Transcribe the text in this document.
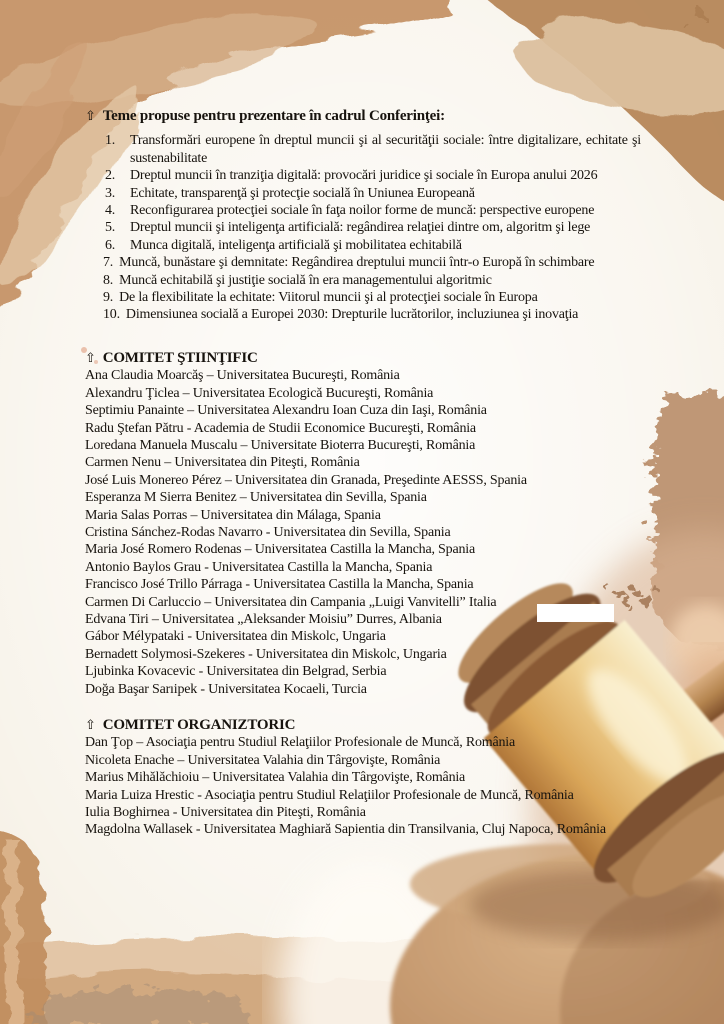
⇧ Teme propuse pentru prezentare în cadrul Conferinţei:

1. Transformări europene în dreptul muncii şi al securităţii sociale: între digitalizare, echitate şi sustenabilitate

2. Dreptul muncii în tranziţia digitală: provocări juridice şi sociale în Europa anului 2026

3. Echitate, transparenţă şi protecţie socială în Uniunea Europeană

4. Reconfigurarea protecţiei sociale în faţa noilor forme de muncă: perspective europene

5. Dreptul muncii şi inteligenţa artificială: regândirea relaţiei dintre om, algoritm şi lege

6. Munca digitală, inteligenţa artificială şi mobilitatea echitabilă

7. Muncă, bunăstare şi demnitate: Regândirea dreptului muncii într-o Europă în schimbare

8. Muncă echitabilă şi justiţie socială în era managementului algoritmic

9. De la flexibilitate la echitate: Viitorul muncii şi al protecţiei sociale în Europa

10. Dimensiunea socială a Europei 2030: Drepturile lucrătorilor, incluziunea şi inovaţia

⇧ COMITET ŞTIINŢIFIC

Ana Claudia Moarcăş – Universitatea Bucureşti, România

Alexandru Ţiclea – Universitatea Ecologică Bucureşti, România

Septimiu Panainte – Universitatea Alexandru Ioan Cuza din Iaşi, România

Radu Ştefan Pătru - Academia de Studii Economice Bucureşti, România

Loredana Manuela Muscalu – Universitate Bioterra Bucureşti, România

Carmen Nenu – Universitatea din Piteşti, România

José Luis Monereo Pérez – Universitatea din Granada, Preşedinte AESSS, Spania

Esperanza M Sierra Benitez – Universitatea din Sevilla, Spania

Maria Salas Porras – Universitatea din Málaga, Spania

Cristina Sánchez-Rodas Navarro - Universitatea din Sevilla, Spania

Maria José Romero Rodenas – Universitatea Castilla la Mancha, Spania

Antonio Baylos Grau - Universitatea Castilla la Mancha, Spania

Francisco José Trillo Párraga - Universitatea Castilla la Mancha, Spania

Carmen Di Carluccio – Universitatea din Campania „Luigi Vanvitelli” Italia

Edvana Tiri – Universitatea „Aleksander Moisiu” Durres, Albania

Gábor Mélypataki - Universitatea din Miskolc, Ungaria

Bernadett Solymosi-Szekeres - Universitatea din Miskolc, Ungaria

Ljubinka Kovacevic - Universitatea din Belgrad, Serbia

Doğa Başar Sarıipek - Universitatea Kocaeli, Turcia

⇧ COMITET ORGANIZTORIC

Dan Ţop – Asociaţia pentru Studiul Relaţiilor Profesionale de Muncă, România

Nicoleta Enache – Universitatea Valahia din Târgovişte, România

Marius Mihălăchioiu – Universitatea Valahia din Târgovişte, România

Maria Luiza Hrestic - Asociaţia pentru Studiul Relaţiilor Profesionale de Muncă, România

Iulia Boghirnea - Universitatea din Piteşti, România

Magdolna Wallasek - Universitatea Maghiară Sapientia din Transilvania, Cluj Napoca, România
